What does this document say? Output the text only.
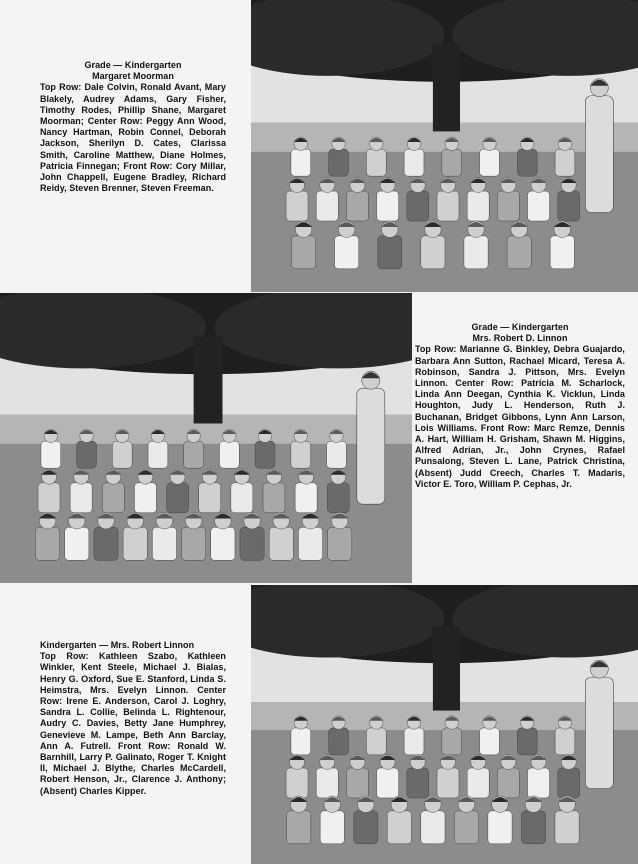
Grade — Kindergarten
Margaret Moorman

Top Row: Dale Colvin, Ronald Avant, Mary Blakely, Audrey Adams, Gary Fisher, Timothy Rodes, Phillip Shane, Margaret Moorman; Center Row: Peggy Ann Wood, Nancy Hartman, Robin Connel, Deborah Jackson, Sherilyn D. Cates, Clarissa Smith, Caroline Matthew, Diane Holmes, Patricia Finnegan; Front Row: Cory Millar, John Chappell, Eugene Bradley, Richard Reidy, Steven Brenner, Steven Freeman.

Grade — Kindergarten
Mrs. Robert D. Linnon

Top Row: Marianne G. Binkley, Debra Guajardo, Barbara Ann Sutton, Rachael Micard, Teresa A. Robinson, Sandra J. Pittson, Mrs. Evelyn Linnon. Center Row: Patricia M. Scharlock, Linda Ann Deegan, Cynthia K. Vicklun, Linda Houghton, Judy L. Henderson, Ruth J. Buchanan, Bridget Gibbons, Lynn Ann Larson, Lois Williams. Front Row: Marc Remze, Dennis A. Hart, William H. Grisham, Shawn M. Higgins, Alfred Adrian, Jr., John Crynes, Rafael Punsalong, Steven L. Lane, Patrick Christina, (Absent) Judd Creech, Charles T. Madaris, Victor E. Toro, William P. Cephas, Jr.

Kindergarten — Mrs. Robert Linnon
Top Row: Kathleen Szabo, Kathleen Winkler, Kent Steele, Michael J. Bialas, Henry G. Oxford, Sue E. Stanford, Linda S. Heimstra, Mrs. Evelyn Linnon. Center Row: Irene E. Anderson, Carol J. Loghry, Sandra L. Collie, Belinda L. Rightenour, Audry C. Davies, Betty Jane Humphrey, Genevieve M. Lampe, Beth Ann Barclay, Ann A. Futrell. Front Row: Ronald W. Barnhill, Larry P. Galinato, Roger T. Knight II, Michael J. Blythe, Charles McCardell, Robert Henson, Jr., Clarence J. Anthony; (Absent) Charles Kipper.
